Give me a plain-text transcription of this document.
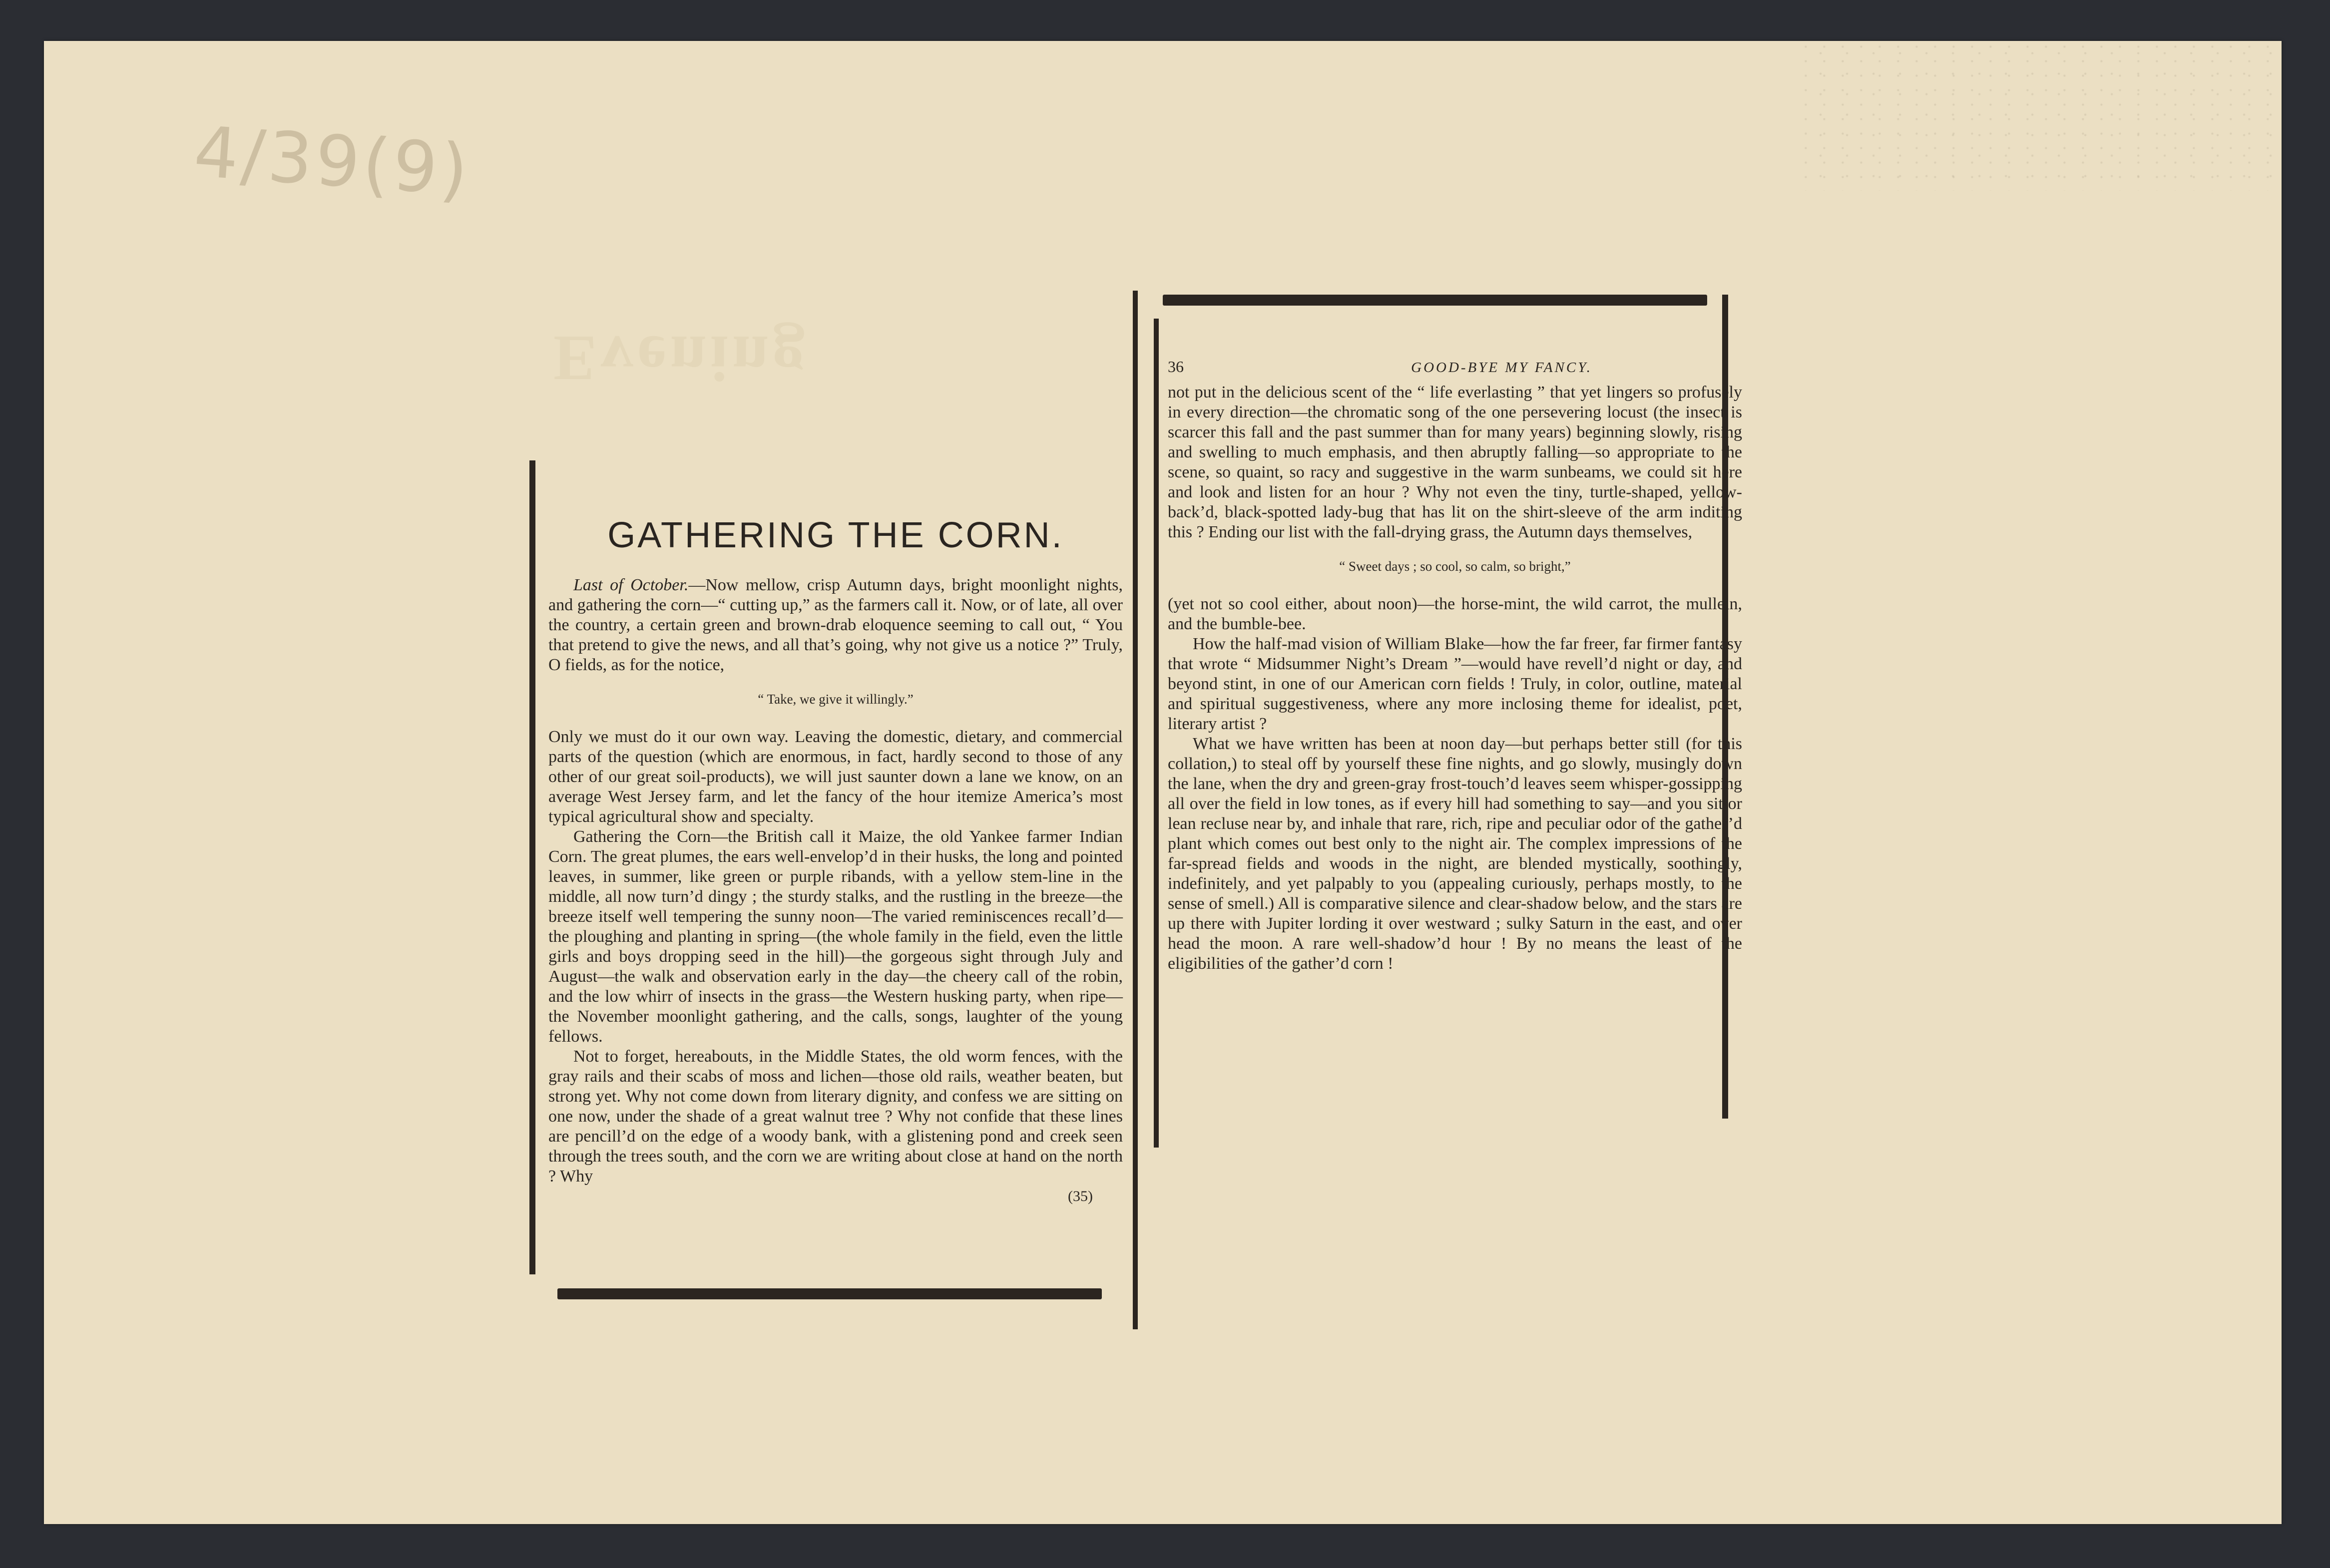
4/39(9)
Evening
GATHERING THE CORN.

Last of October.—Now mellow, crisp Autumn days, bright moonlight nights, and gathering the corn—“ cutting up,” as the farmers call it. Now, or of late, all over the country, a certain green and brown-drab eloquence seeming to call out, “ You that pretend to give the news, and all that’s going, why not give us a notice ?” Truly, O fields, as for the notice,

“ Take, we give it willingly.”

Only we must do it our own way. Leaving the domestic, dietary, and commercial parts of the question (which are enormous, in fact, hardly second to those of any other of our great soil-products), we will just saunter down a lane we know, on an average West Jersey farm, and let the fancy of the hour itemize America’s most typical agricultural show and specialty.

Gathering the Corn—the British call it Maize, the old Yankee farmer Indian Corn. The great plumes, the ears well-envelop’d in their husks, the long and pointed leaves, in summer, like green or purple ribands, with a yellow stem-line in the middle, all now turn’d dingy ; the sturdy stalks, and the rustling in the breeze—the breeze itself well tempering the sunny noon—The varied reminiscences recall’d—the ploughing and planting in spring—(the whole family in the field, even the little girls and boys dropping seed in the hill)—the gorgeous sight through July and August—the walk and observation early in the day—the cheery call of the robin, and the low whirr of insects in the grass—the Western husking party, when ripe—the November moonlight gathering, and the calls, songs, laughter of the young fellows.

Not to forget, hereabouts, in the Middle States, the old worm fences, with the gray rails and their scabs of moss and lichen—those old rails, weather beaten, but strong yet. Why not come down from literary dignity, and confess we are sitting on one now, under the shade of a great walnut tree ? Why not confide that these lines are pencill’d on the edge of a woody bank, with a glistening pond and creek seen through the trees south, and the corn we are writing about close at hand on the north ? Why

(35)
36	GOOD-BYE MY FANCY.

not put in the delicious scent of the “ life everlasting ” that yet lingers so profusely in every direction—the chromatic song of the one persevering locust (the insect is scarcer this fall and the past summer than for many years) beginning slowly, rising and swelling to much emphasis, and then abruptly falling—so appropriate to the scene, so quaint, so racy and suggestive in the warm sunbeams, we could sit here and look and listen for an hour ? Why not even the tiny, turtle-shaped, yellow-back’d, black-spotted lady-bug that has lit on the shirt-sleeve of the arm inditing this ? Ending our list with the fall-drying grass, the Autumn days themselves,

“ Sweet days ; so cool, so calm, so bright,”

(yet not so cool either, about noon)—the horse-mint, the wild carrot, the mullein, and the bumble-bee.

How the half-mad vision of William Blake—how the far freer, far firmer fantasy that wrote “ Midsummer Night’s Dream ”—would have revell’d night or day, and beyond stint, in one of our American corn fields ! Truly, in color, outline, material and spiritual suggestiveness, where any more inclosing theme for idealist, poet, literary artist ?

What we have written has been at noon day—but perhaps better still (for this collation,) to steal off by yourself these fine nights, and go slowly, musingly down the lane, when the dry and green-gray frost-touch’d leaves seem whisper-gossipping all over the field in low tones, as if every hill had something to say—and you sit or lean recluse near by, and inhale that rare, rich, ripe and peculiar odor of the gather’d plant which comes out best only to the night air. The complex impressions of the far-spread fields and woods in the night, are blended mystically, soothingly, indefinitely, and yet palpably to you (appealing curiously, perhaps mostly, to the sense of smell.) All is comparative silence and clear-shadow below, and the stars are up there with Jupiter lording it over westward ; sulky Saturn in the east, and over head the moon. A rare well-shadow’d hour ! By no means the least of the eligibilities of the gather’d corn !
